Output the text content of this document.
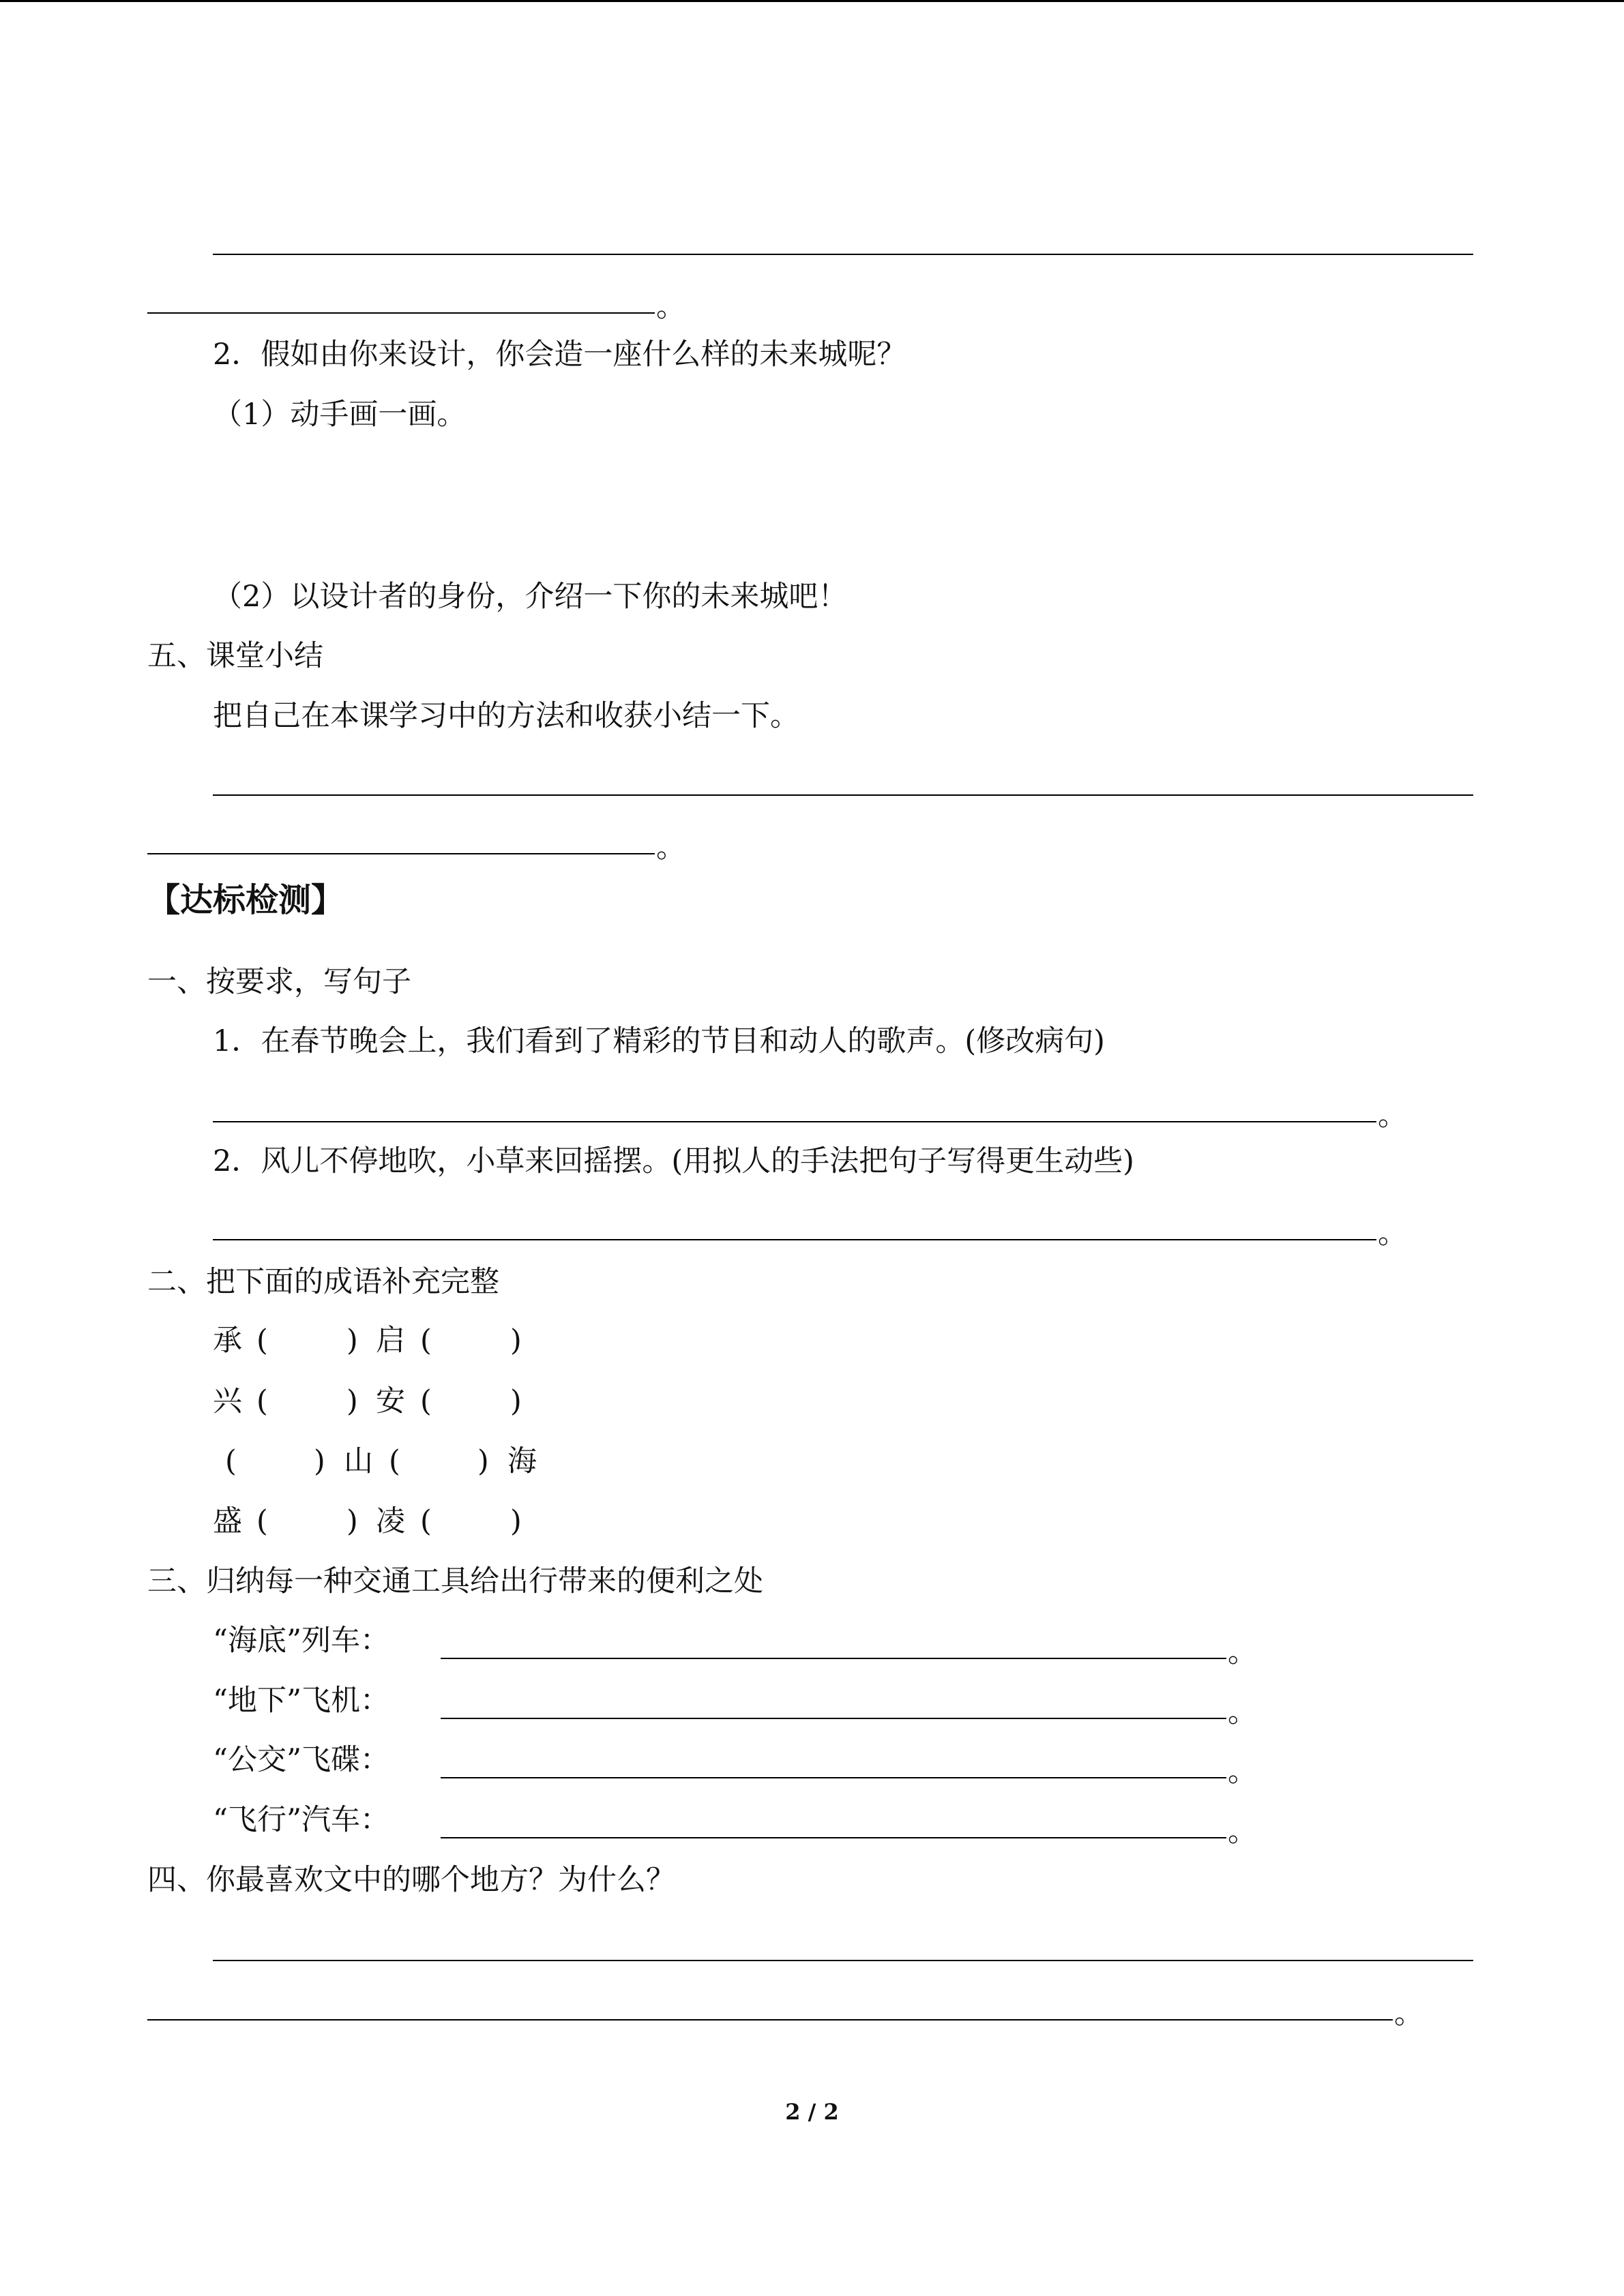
。
2．假如由你来设计，你会造一座什么样的未来城呢？
（1）动手画一画。
（2）以设计者的身份，介绍一下你的未来城吧！
五、课堂小结
把自己在本课学习中的方法和收获小结一下。
。
【达标检测】
一、按要求，写句子
1．在春节晚会上，我们看到了精彩的节目和动人的歌声。(修改病句)
。
2．风儿不停地吹，小草来回摇摆。(用拟人的手法把句子写得更生动些)
。
二、把下面的成语补充完整
承 (	) 启 (	)
兴 (	) 安 (	)
(	) 山 (	) 海
盛 (	) 凌 (	)
三、归纳每一种交通工具给出行带来的便利之处
“海底”列车：	。
“地下”飞机：	。
“公交”飞碟：	。
“飞行”汽车：	。
四、你最喜欢文中的哪个地方？为什么？
。
2 / 2
